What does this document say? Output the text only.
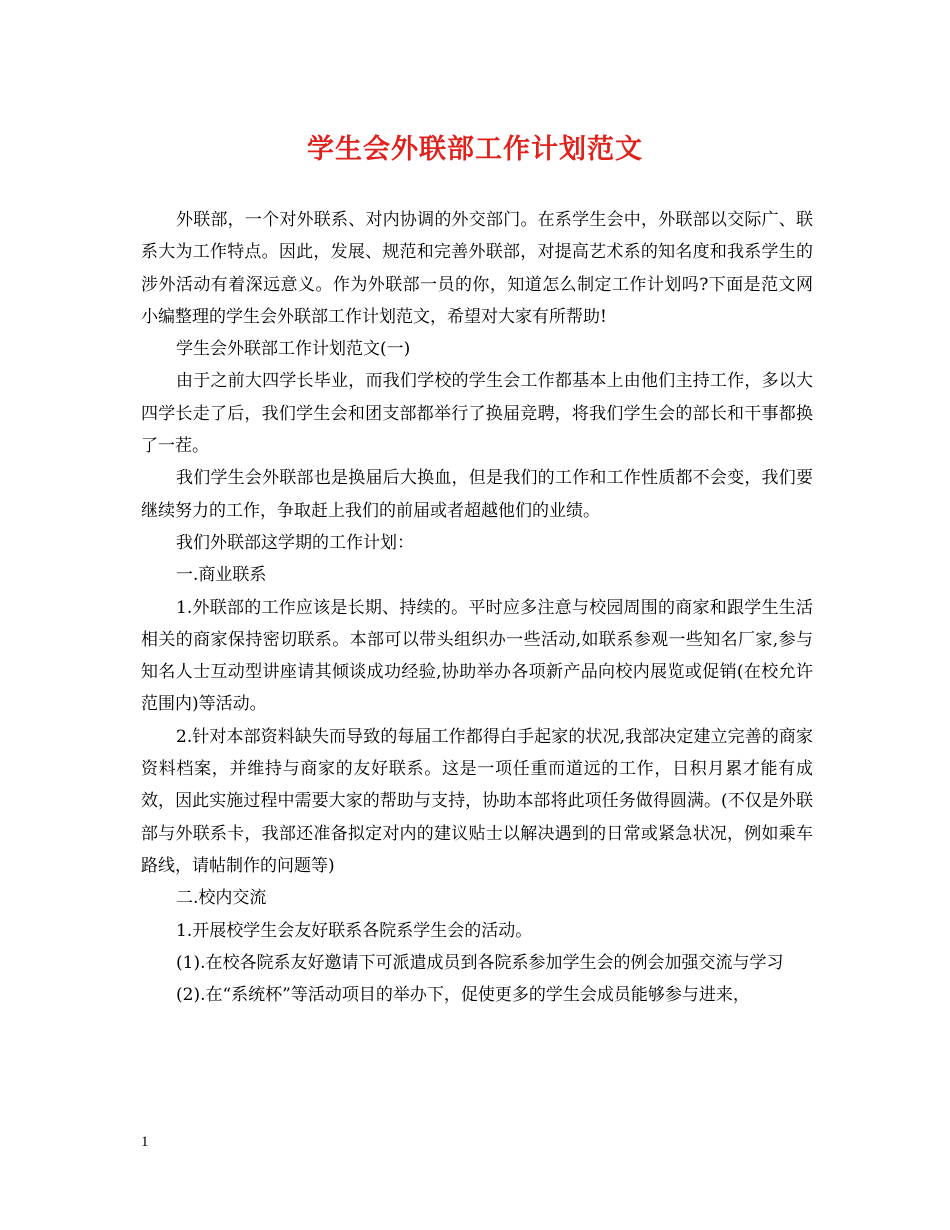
学生会外联部工作计划范文

外联部，一个对外联系、对内协调的外交部门。在系学生会中，外联部以交际广、联系大为工作特点。因此，发展、规范和完善外联部，对提高艺术系的知名度和我系学生的涉外活动有着深远意义。作为外联部一员的你，知道怎么制定工作计划吗?下面是范文网小编整理的学生会外联部工作计划范文，希望对大家有所帮助!

学生会外联部工作计划范文(一)

由于之前大四学长毕业，而我们学校的学生会工作都基本上由他们主持工作，多以大四学长走了后，我们学生会和团支部都举行了换届竞聘，将我们学生会的部长和干事都换了一茬。

我们学生会外联部也是换届后大换血，但是我们的工作和工作性质都不会变，我们要继续努力的工作，争取赶上我们的前届或者超越他们的业绩。

我们外联部这学期的工作计划：

一.商业联系

1.外联部的工作应该是长期、持续的。平时应多注意与校园周围的商家和跟学生生活相关的商家保持密切联系。本部可以带头组织办一些活动,如联系参观一些知名厂家,参与知名人士互动型讲座请其倾谈成功经验,协助举办各项新产品向校内展览或促销(在校允许范围内)等活动。

2.针对本部资料缺失而导致的每届工作都得白手起家的状况,我部决定建立完善的商家资料档案，并维持与商家的友好联系。这是一项任重而道远的工作，日积月累才能有成效，因此实施过程中需要大家的帮助与支持，协助本部将此项任务做得圆满。(不仅是外联部与外联系卡，我部还准备拟定对内的建议贴士以解决遇到的日常或紧急状况，例如乘车路线，请帖制作的问题等)

二.校内交流

1.开展校学生会友好联系各院系学生会的活动。

(1).在校各院系友好邀请下可派遣成员到各院系参加学生会的例会加强交流与学习

(2).在“系统杯”等活动项目的举办下，促使更多的学生会成员能够参与进来，

1
